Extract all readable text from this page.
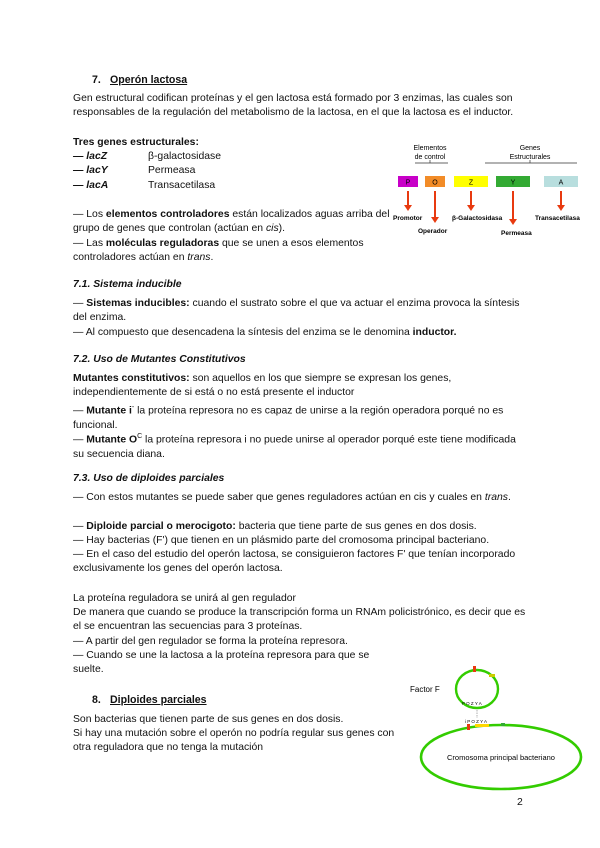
7. Operón lactosa

Gen estructural codifican proteínas y el gen lactosa está formado por 3 enzimas, las cuales son responsables de la regulación del metabolismo de la lactosa, en el que la lactosa es el inductor.

Tres genes estructurales:
— lacZ	β-galactosidase
— lacY	Permeasa
— lacA	Transacetilasa

— Los elementos controladores están localizados aguas arriba del grupo de genes que controlan (actúan en cis).

— Las moléculas reguladoras que se unen a esos elementos controladores actúan en trans.

Elementos
de control
Genes
Estructurales
P	O	Z	Y	A
Promotor
Operador
β-Galactosidasa
Permeasa
Transacetilasa
7.1. Sistema inducible

— Sistemas inducibles: cuando el sustrato sobre el que va actuar el enzima provoca la síntesis del enzima.

— Al compuesto que desencadena la síntesis del enzima se le denomina inductor.

7.2. Uso de Mutantes Constitutivos

Mutantes constitutivos: son aquellos en los que siempre se expresan los genes, independientemente de si está o no está presente el inductor

— Mutante i- la proteína represora no es capaz de unirse a la región operadora porqué no es funcional.

— Mutante $O^C$ la proteína represora i no puede unirse al operador porqué este tiene modificada su secuencia diana.

7.3. Uso de diploides parciales

— Con estos mutantes se puede saber que genes reguladores actúan en cis y cuales en trans.

— Diploide parcial o merocigoto: bacteria que tiene parte de sus genes en dos dosis.

— Hay bacterias (F') que tienen en un plásmido parte del cromosoma principal bacteriano.

— En el caso del estudio del operón lactosa, se consiguieron factores F' que tenían incorporado exclusivamente los genes del operón lactosa.

La proteína reguladora se unirá al gen regulador

De manera que cuando se produce la transcripción forma un RNAm policistrónico, es decir que es el se encuentran las secuencias para 3 proteínas.

— A partir del gen regulador se forma la proteína represora.

— Cuando se une la lactosa a la proteína represora para que se suelte.

8. Diploides parciales

Son bacterias que tienen parte de sus genes en dos dosis.

Si hay una mutación sobre el operón no podría regular sus genes con otra reguladora que no tenga la mutación

Factor F
P O Z Y A
i P O Z Y A
Cromosoma principal bacteriano
2
